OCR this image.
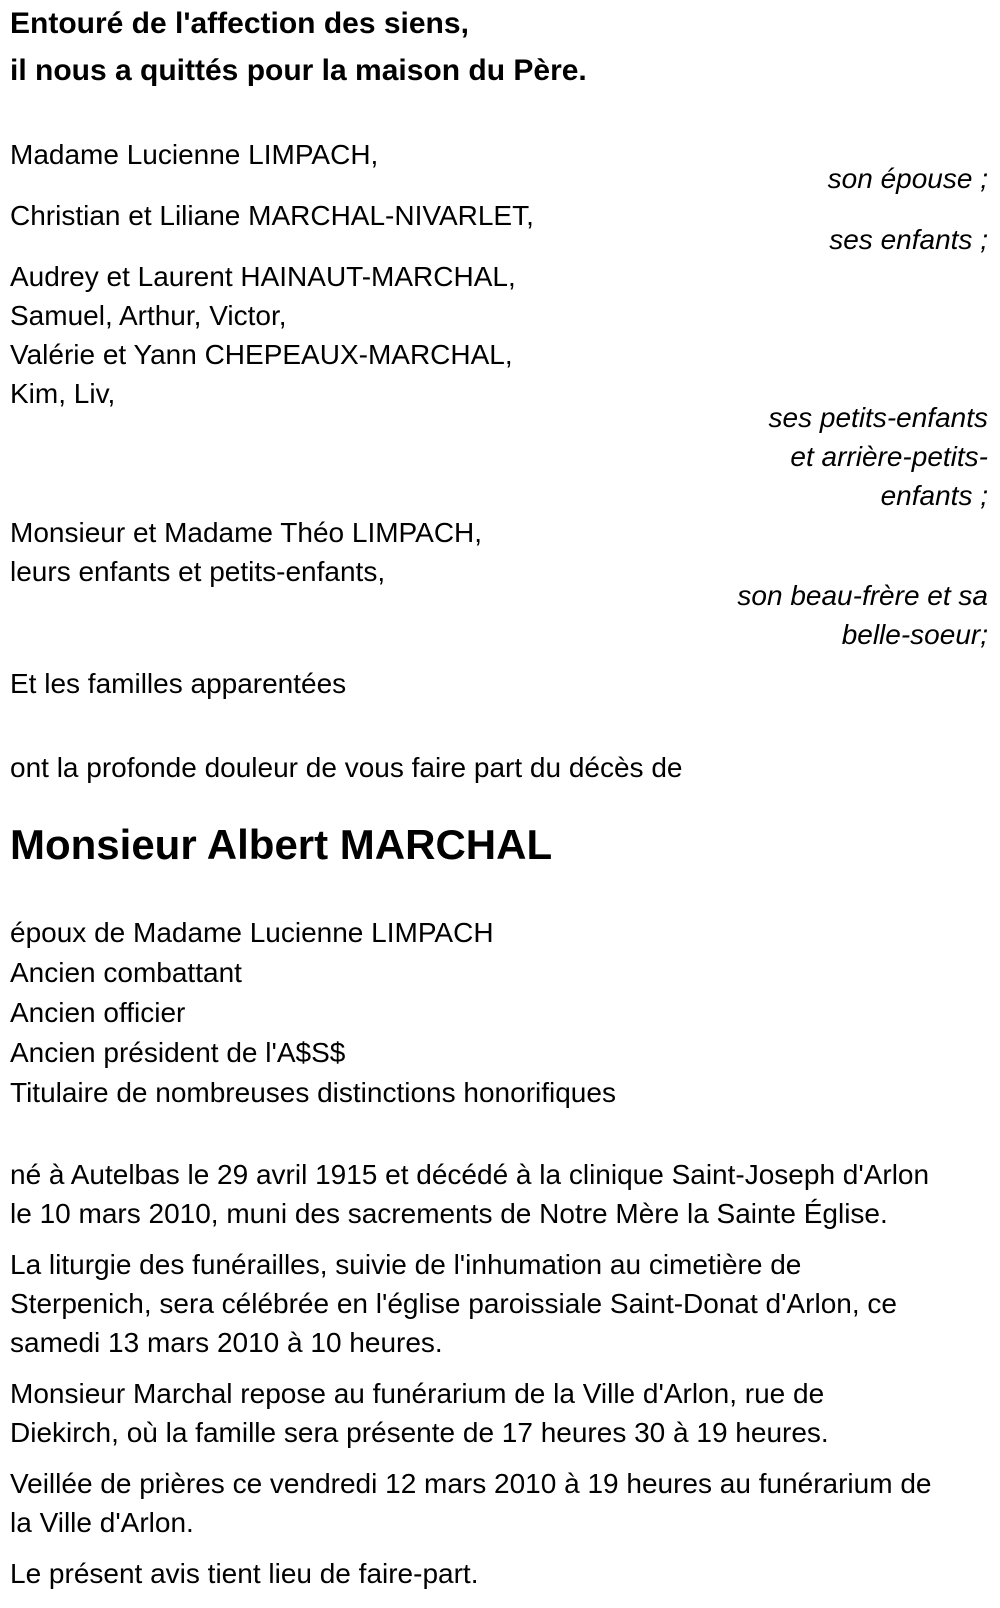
Entouré de l'affection des siens,

il nous a quittés pour la maison du Père.

Madame Lucienne LIMPACH,

son épouse ;

Christian et Liliane MARCHAL-NIVARLET,

ses enfants ;

Audrey et Laurent HAINAUT-MARCHAL,

Samuel, Arthur, Victor,

Valérie et Yann CHEPEAUX-MARCHAL,

Kim, Liv,

ses petits-enfants

et arrière-petits-

enfants ;

Monsieur et Madame Théo LIMPACH,

leurs enfants et petits-enfants,

son beau-frère et sa

belle-soeur;

Et les familles apparentées

ont la profonde douleur de vous faire part du décès de

Monsieur Albert MARCHAL

époux de Madame Lucienne LIMPACH

Ancien combattant

Ancien officier

Ancien président de l'A$S$

Titulaire de nombreuses distinctions honorifiques

né à Autelbas le 29 avril 1915 et décédé à la clinique Saint-Joseph d'Arlon

le 10 mars 2010, muni des sacrements de Notre Mère la Sainte Église.

La liturgie des funérailles, suivie de l'inhumation au cimetière de

Sterpenich, sera célébrée en l'église paroissiale Saint-Donat d'Arlon, ce

samedi 13 mars 2010 à 10 heures.

Monsieur Marchal repose au funérarium de la Ville d'Arlon, rue de

Diekirch, où la famille sera présente de 17 heures 30 à 19 heures.

Veillée de prières ce vendredi 12 mars 2010 à 19 heures au funérarium de

la Ville d'Arlon.

Le présent avis tient lieu de faire-part.
